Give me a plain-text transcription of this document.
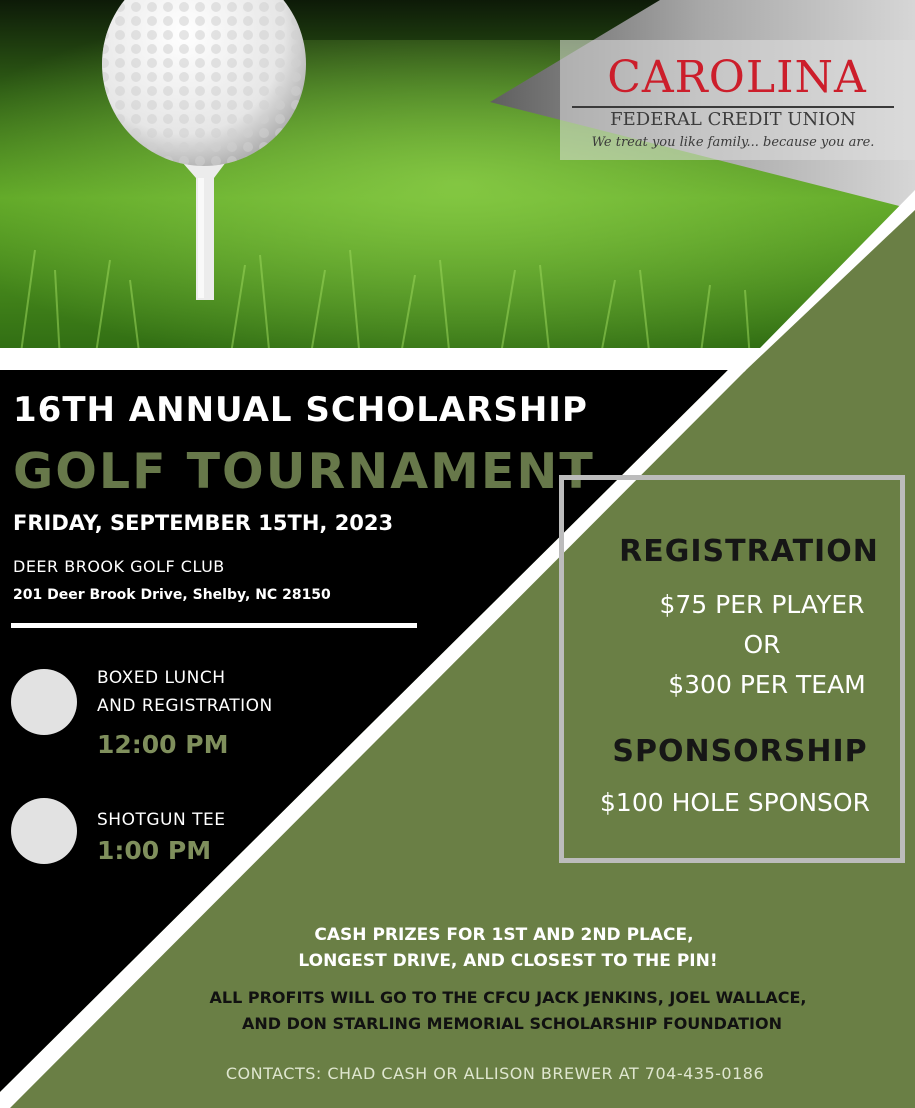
CAROLINA
FEDERAL CREDIT UNION
We treat you like family... because you are.
16TH ANNUAL SCHOLARSHIP
GOLF TOURNAMENT
FRIDAY, SEPTEMBER 15TH, 2023
DEER BROOK GOLF CLUB
201 Deer Brook Drive, Shelby, NC 28150
BOXED LUNCH
AND REGISTRATION
12:00 PM
SHOTGUN TEE
1:00 PM
REGISTRATION
$75 PER PLAYER
OR
$300 PER TEAM
SPONSORSHIP
$100 HOLE SPONSOR
CASH PRIZES FOR 1ST AND 2ND PLACE,
LONGEST DRIVE, AND CLOSEST TO THE PIN!
ALL PROFITS WILL GO TO THE CFCU JACK JENKINS, JOEL WALLACE,
AND DON STARLING MEMORIAL SCHOLARSHIP FOUNDATION
CONTACTS: CHAD CASH OR ALLISON BREWER AT 704-435-0186
